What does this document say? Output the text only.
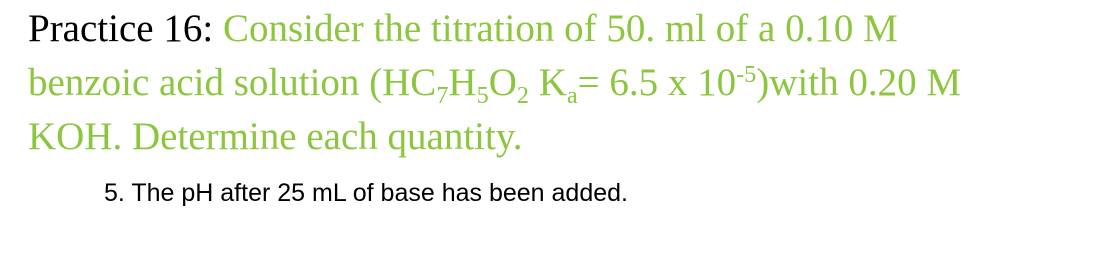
Practice 16: Consider the titration of 50. ml of a 0.10 M
benzoic acid solution ($HC_7H_5O_2$ $K_a= 6.5$ x $10^{-5})with$ 0.20 M
KOH. Determine each quantity.
5. The pH after 25 mL of base has been added.
